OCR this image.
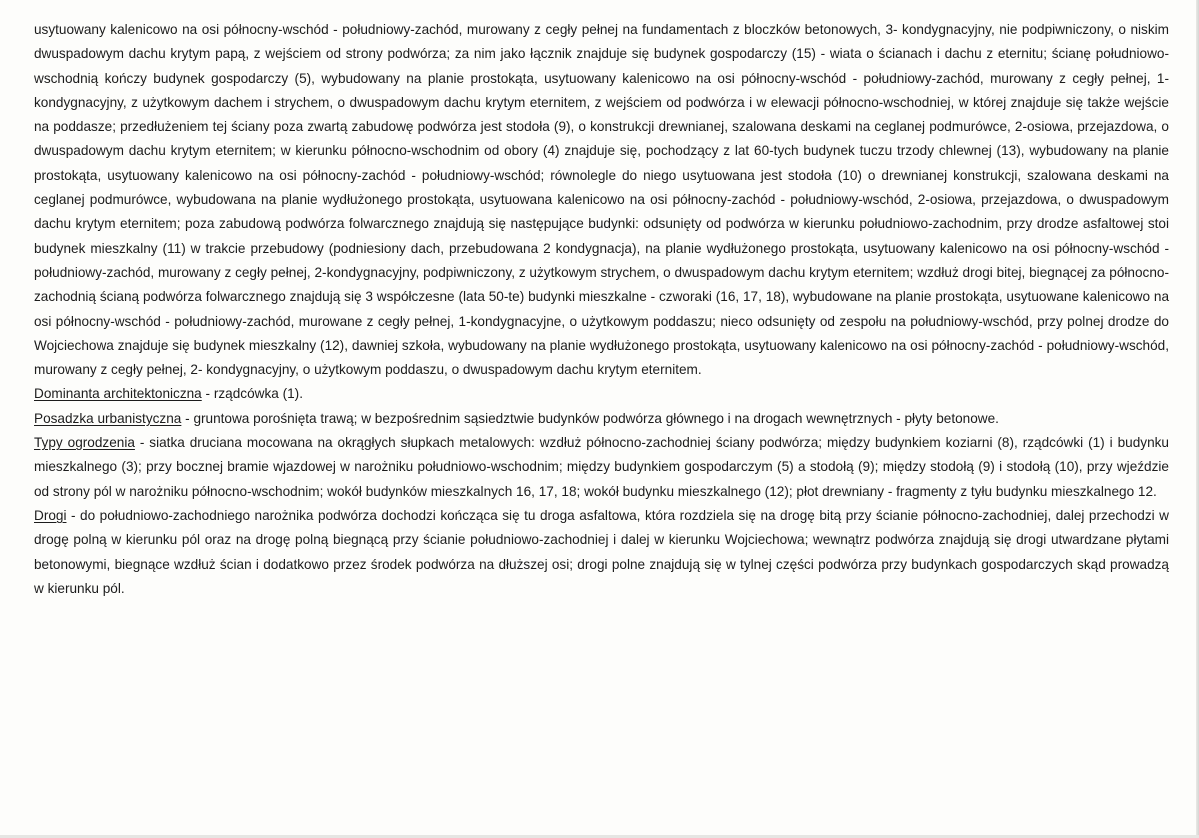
usytuowany kalenicowo na osi północny-wschód - południowy-zachód, murowany z cegły pełnej na fundamentach z bloczków betonowych, 3- kondygnacyjny, nie podpiwniczony, o niskim dwuspadowym dachu krytym papą, z wejściem od strony podwórza; za nim jako łącznik znajduje się budynek gospodarczy (15) - wiata o ścianach i dachu z eternitu; ścianę południowo-wschodnią kończy budynek gospodarczy (5), wybudowany na planie prostokąta, usytuowany kalenicowo na osi północny-wschód - południowy-zachód, murowany z cegły pełnej, 1-kondygnacyjny, z użytkowym dachem i strychem, o dwuspadowym dachu krytym eternitem, z wejściem od podwórza i w elewacji północno-wschodniej, w której znajduje się także wejście na poddasze; przedłużeniem tej ściany poza zwartą zabudowę podwórza jest stodoła (9), o konstrukcji drewnianej, szalowana deskami na ceglanej podmurówce, 2-osiowa, przejazdowa, o dwuspadowym dachu krytym eternitem; w kierunku północno-wschodnim od obory (4) znajduje się, pochodzący z lat 60-tych budynek tuczu trzody chlewnej (13), wybudowany na planie prostokąta, usytuowany kalenicowo na osi północny-zachód - południowy-wschód; równolegle do niego usytuowana jest stodoła (10) o drewnianej konstrukcji, szalowana deskami na ceglanej podmurówce, wybudowana na planie wydłużonego prostokąta, usytuowana kalenicowo na osi północny-zachód - południowy-wschód, 2-osiowa, przejazdowa, o dwuspadowym dachu krytym eternitem; poza zabudową podwórza folwarcznego znajdują się następujące budynki: odsunięty od podwórza w kierunku południowo-zachodnim, przy drodze asfaltowej stoi budynek mieszkalny (11) w trakcie przebudowy (podniesiony dach, przebudowana 2 kondygnacja), na planie wydłużonego prostokąta, usytuowany kalenicowo na osi północny-wschód - południowy-zachód, murowany z cegły pełnej, 2-kondygnacyjny, podpiwniczony, z użytkowym strychem, o dwuspadowym dachu krytym eternitem; wzdłuż drogi bitej, biegnącej za północno-zachodnią ścianą podwórza folwarcznego znajdują się 3 współczesne (lata 50-te) budynki mieszkalne - czworaki (16, 17, 18), wybudowane na planie prostokąta, usytuowane kalenicowo na osi północny-wschód - południowy-zachód, murowane z cegły pełnej, 1-kondygnacyjne, o użytkowym poddaszu; nieco odsunięty od zespołu na południowy-wschód, przy polnej drodze do Wojciechowa znajduje się budynek mieszkalny (12), dawniej szkoła, wybudowany na planie wydłużonego prostokąta, usytuowany kalenicowo na osi północny-zachód - południowy-wschód, murowany z cegły pełnej, 2- kondygnacyjny, o użytkowym poddaszu, o dwuspadowym dachu krytym eternitem.

Dominanta architektoniczna - rządcówka (1).

Posadzka urbanistyczna - gruntowa porośnięta trawą; w bezpośrednim sąsiedztwie budynków podwórza głównego i na drogach wewnętrznych - płyty betonowe.

Typy ogrodzenia - siatka druciana mocowana na okrągłych słupkach metalowych: wzdłuż północno-zachodniej ściany podwórza; między budynkiem koziarni (8), rządcówki (1) i budynku mieszkalnego (3); przy bocznej bramie wjazdowej w narożniku południowo-wschodnim; między budynkiem gospodarczym (5) a stodołą (9); między stodołą (9) i stodołą (10), przy wjeździe od strony pól w narożniku północno-wschodnim; wokół budynków mieszkalnych 16, 17, 18; wokół budynku mieszkalnego (12); płot drewniany - fragmenty z tyłu budynku mieszkalnego 12.

Drogi - do południowo-zachodniego narożnika podwórza dochodzi kończąca się tu droga asfaltowa, która rozdziela się na drogę bitą przy ścianie północno-zachodniej, dalej przechodzi w drogę polną w kierunku pól oraz na drogę polną biegnącą przy ścianie południowo-zachodniej i dalej w kierunku Wojciechowa; wewnątrz podwórza znajdują się drogi utwardzane płytami betonowymi, biegnące wzdłuż ścian i dodatkowo przez środek podwórza na dłuższej osi; drogi polne znajdują się w tylnej części podwórza przy budynkach gospodarczych skąd prowadzą w kierunku pól.
